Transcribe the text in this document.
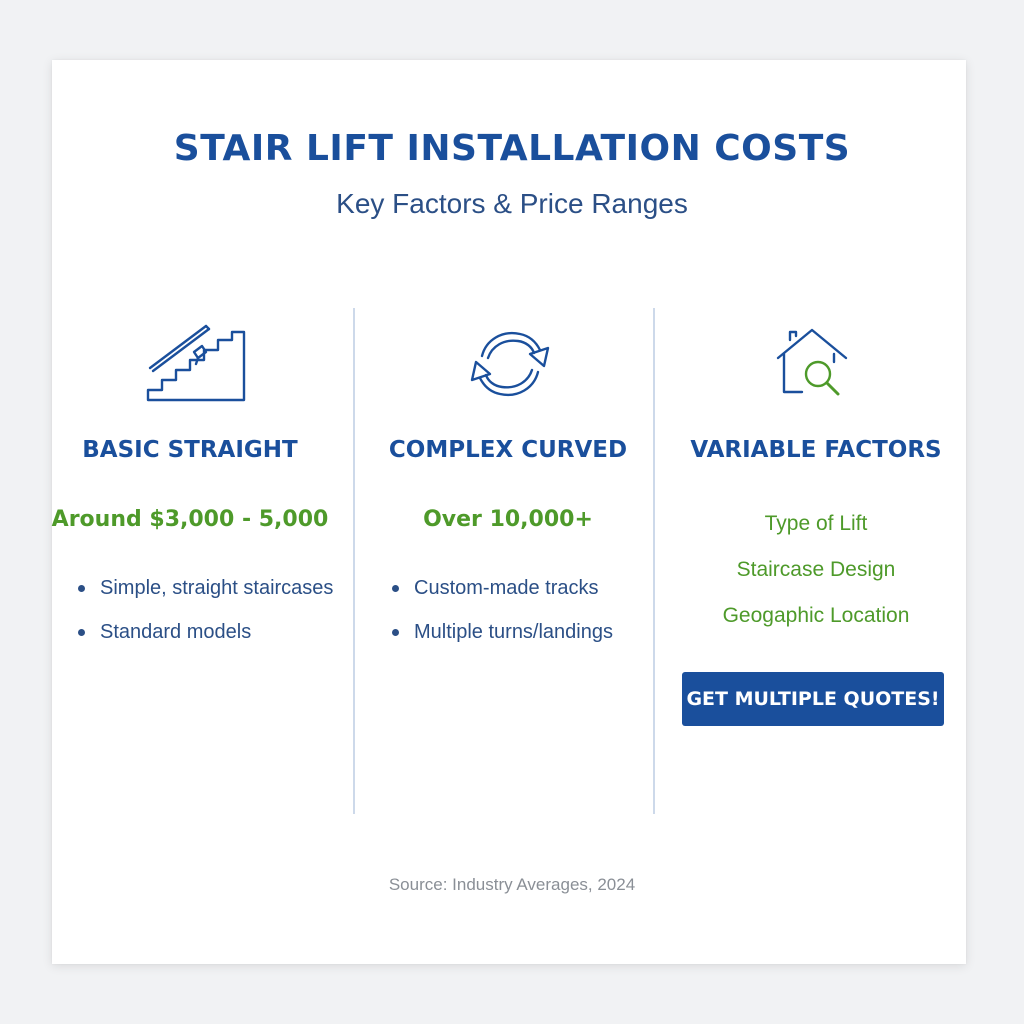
STAIR LIFT INSTALLATION COSTS
Key Factors & Price Ranges
BASIC STRAIGHT
Around $3,000 - 5,000
Simple, straight staircases
Standard models
COMPLEX CURVED
Over 10,000+
Custom-made tracks
Multiple turns/landings
VARIABLE FACTORS
Type of Lift
Staircase Design
Geogaphic Location
GET MULTIPLE QUOTES!
Source: Industry Averages, 2024
